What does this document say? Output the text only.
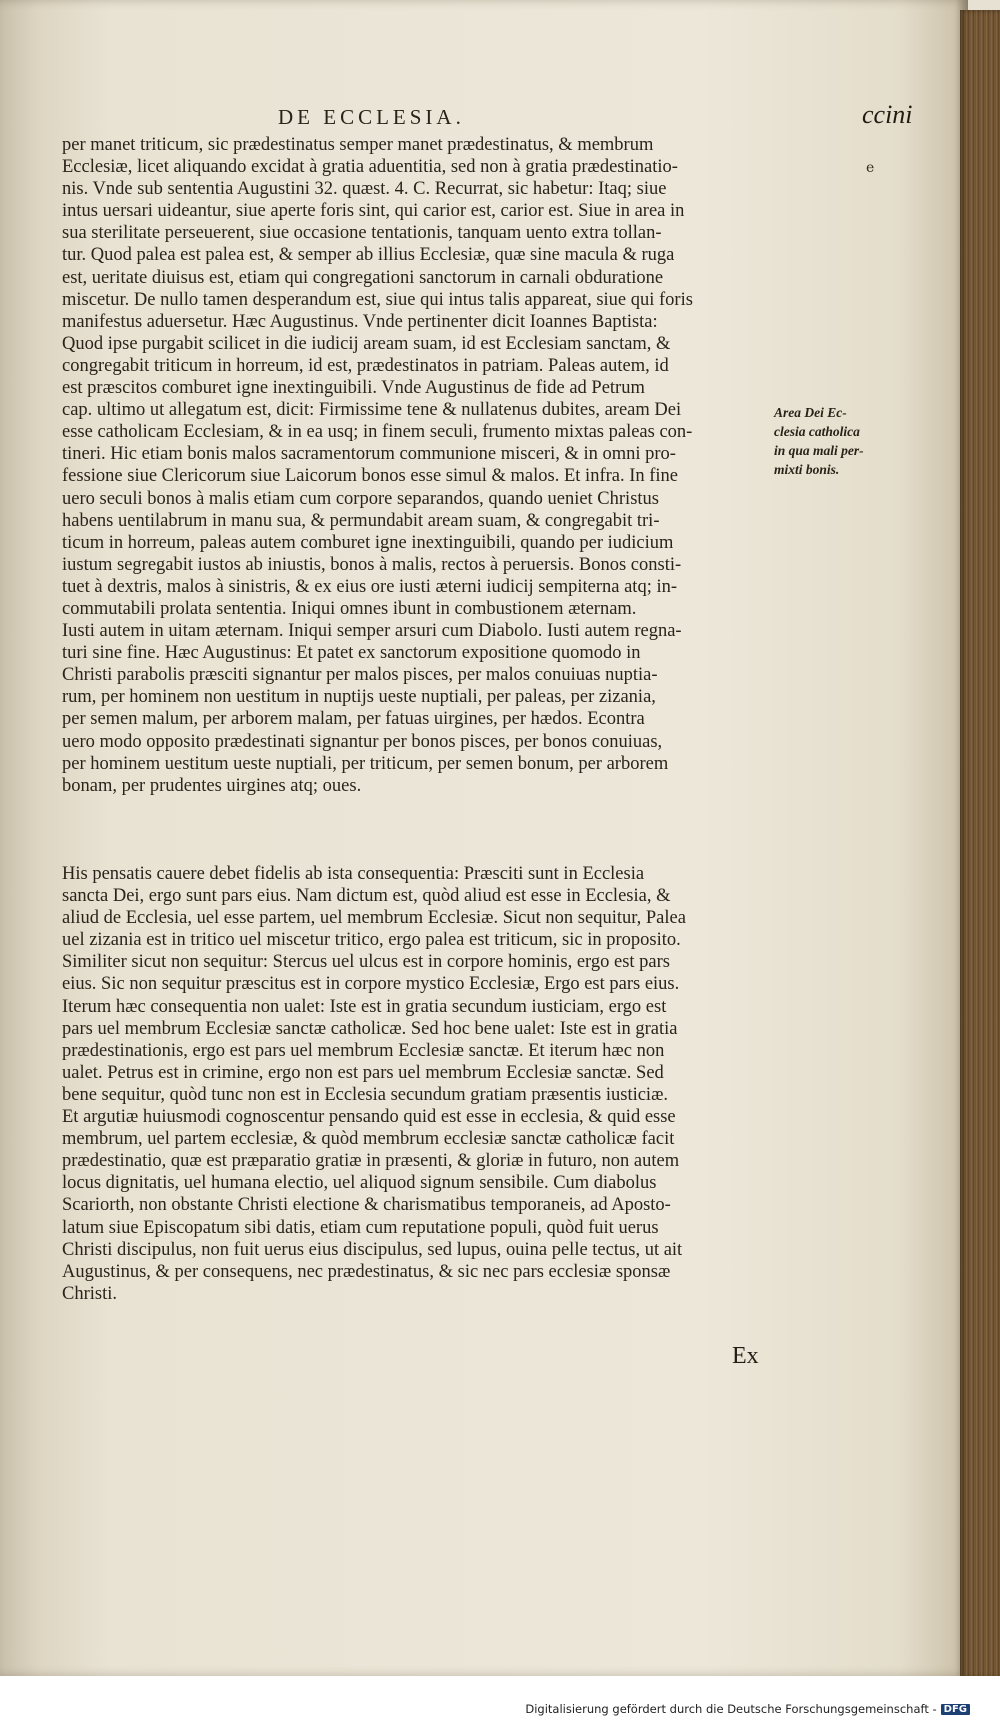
DE ECCLESIA.	ccini
e
per manet triticum, sic prædestinatus semper manet prædestinatus, & membrum
Ecclesiæ, licet aliquando excidat à gratia aduentitia, sed non à gratia prædestinatio-
nis. Vnde sub sententia Augustini 32. quæst. 4. C. Recurrat, sic habetur: Itaq; siue
intus uersari uideantur, siue aperte foris sint, qui carior est, carior est. Siue in area in
sua sterilitate perseuerent, siue occasione tentationis, tanquam uento extra tollan-
tur. Quod palea est palea est, & semper ab illius Ecclesiæ, quæ sine macula & ruga
est, ueritate diuisus est, etiam qui congregationi sanctorum in carnali obduratione
miscetur. De nullo tamen desperandum est, siue qui intus talis appareat, siue qui foris
manifestus aduersetur. Hæc Augustinus. Vnde pertinenter dicit Ioannes Baptista:
Quod ipse purgabit scilicet in die iudicij aream suam, id est Ecclesiam sanctam, &
congregabit triticum in horreum, id est, prædestinatos in patriam. Paleas autem, id
est præscitos comburet igne inextinguibili. Vnde Augustinus de fide ad Petrum
cap. ultimo ut allegatum est, dicit: Firmissime tene & nullatenus dubites, aream Dei
esse catholicam Ecclesiam, & in ea usq; in finem seculi, frumento mixtas paleas con-
tineri. Hic etiam bonis malos sacramentorum communione misceri, & in omni pro-
fessione siue Clericorum siue Laicorum bonos esse simul & malos. Et infra. In fine
uero seculi bonos à malis etiam cum corpore separandos, quando ueniet Christus
habens uentilabrum in manu sua, & permundabit aream suam, & congregabit tri-
ticum in horreum, paleas autem comburet igne inextinguibili, quando per iudicium
iustum segregabit iustos ab iniustis, bonos à malis, rectos à peruersis. Bonos consti-
tuet à dextris, malos à sinistris, & ex eius ore iusti æterni iudicij sempiterna atq; in-
commutabili prolata sententia. Iniqui omnes ibunt in combustionem æternam.
Iusti autem in uitam æternam. Iniqui semper arsuri cum Diabolo. Iusti autem regna-
turi sine fine. Hæc Augustinus: Et patet ex sanctorum expositione quomodo in
Christi parabolis præsciti signantur per malos pisces, per malos conuiuas nuptia-
rum, per hominem non uestitum in nuptijs ueste nuptiali, per paleas, per zizania,
per semen malum, per arborem malam, per fatuas uirgines, per hædos. Econtra
uero modo opposito prædestinati signantur per bonos pisces, per bonos conuiuas,
per hominem uestitum ueste nuptiali, per triticum, per semen bonum, per arborem
bonam, per prudentes uirgines atq; oues.
His pensatis cauere debet fidelis ab ista consequentia: Præsciti sunt in Ecclesia
sancta Dei, ergo sunt pars eius. Nam dictum est, quòd aliud est esse in Ecclesia, &
aliud de Ecclesia, uel esse partem, uel membrum Ecclesiæ. Sicut non sequitur, Palea
uel zizania est in tritico uel miscetur tritico, ergo palea est triticum, sic in proposito.
Similiter sicut non sequitur: Stercus uel ulcus est in corpore hominis, ergo est pars
eius. Sic non sequitur præscitus est in corpore mystico Ecclesiæ, Ergo est pars eius.
Iterum hæc consequentia non ualet: Iste est in gratia secundum iusticiam, ergo est
pars uel membrum Ecclesiæ sanctæ catholicæ. Sed hoc bene ualet: Iste est in gratia
prædestinationis, ergo est pars uel membrum Ecclesiæ sanctæ. Et iterum hæc non
ualet. Petrus est in crimine, ergo non est pars uel membrum Ecclesiæ sanctæ. Sed
bene sequitur, quòd tunc non est in Ecclesia secundum gratiam præsentis iusticiæ.
Et argutiæ huiusmodi cognoscentur pensando quid est esse in ecclesia, & quid esse
membrum, uel partem ecclesiæ, & quòd membrum ecclesiæ sanctæ catholicæ facit
prædestinatio, quæ est præparatio gratiæ in præsenti, & gloriæ in futuro, non autem
locus dignitatis, uel humana electio, uel aliquod signum sensibile. Cum diabolus
Scariorth, non obstante Christi electione & charismatibus temporaneis, ad Aposto-
latum siue Episcopatum sibi datis, etiam cum reputatione populi, quòd fuit uerus
Christi discipulus, non fuit uerus eius discipulus, sed lupus, ouina pelle tectus, ut ait
Augustinus, & per consequens, nec prædestinatus, & sic nec pars ecclesiæ sponsæ
Christi.
Area Dei Ec-
clesia catholica
in qua mali per-
mixti bonis.
Ex
Digitalisierung gefördert durch die Deutsche Forschungsgemeinschaft - DFG
